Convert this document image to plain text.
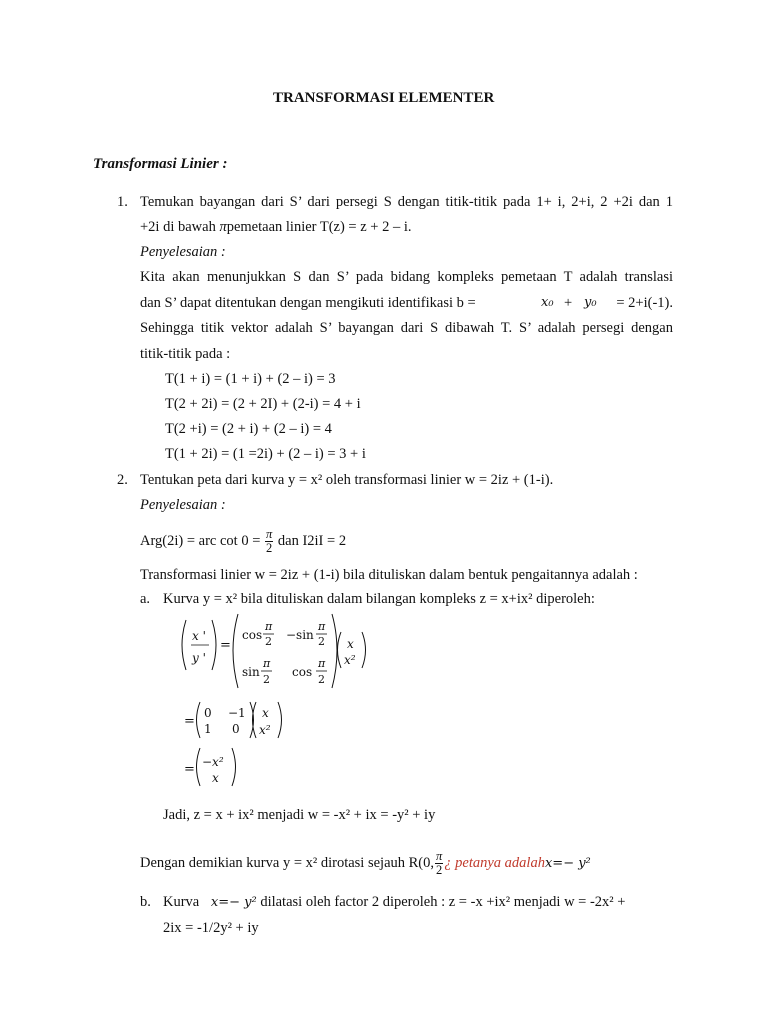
TRANSFORMASI ELEMENTER
Transformasi Linier :
1. Temukan bayangan dari S’ dari persegi S dengan titik-titik pada 1+ i, 2+i, 2 +2i dan 1
+2i di bawah πpemetaan linier T(z) = z + 2 – i.
Penyelesaian :
Kita akan menunjukkan S dan S’ pada bidang kompleks pemetaan T adalah translasi
dan S’ dapat ditentukan dengan mengikuti identifikasi b =	x₀ + y₀ = 2+i(-1).
Sehingga titik vektor adalah S’ bayangan dari S dibawah T. S’ adalah persegi dengan
titik-titik pada :
T(1 + i) = (1 + i) + (2 – i) = 3
T(2 + 2i) = (2 + 2I) + (2-i) = 4 + i
T(2 +i) = (2 + i) + (2 – i) = 4
T(1 + 2i) = (1 =2i) + (2 – i) = 3 + i
2. Tentukan peta dari kurva y = x² oleh transformasi linier w = 2iz + (1-i).
Penyelesaian :
Arg(2i) = arc $\cot 0 = \frac{\pi}{2}$ dan I2iI = 2
Transformasi linier w = 2iz + (1-i) bila dituliskan dalam bentuk pengaitannya adalah :
a. Kurva y = x² bila dituliskan dalam bilangan kompleks z = x+ix² diperoleh:
x '
y '
=
cos
π
2 −sin
π
2
sin
π
2
cos
π
2
x
x²
=
0 −1
1 0
x
x²
= −x²
x
Jadi, z = x + ix² menjadi w = -x² + ix = -y² + iy
Dengan demikian kurva y = x² dirotasi sejauh R(0, $\frac{\pi}{2}$ ¿ petanya adalahx=− y²
b. Kurva x=− y² dilatasi oleh factor 2 diperoleh : z = -x +ix² menjadi w = -2x² +
2ix = -1/2y² + iy
